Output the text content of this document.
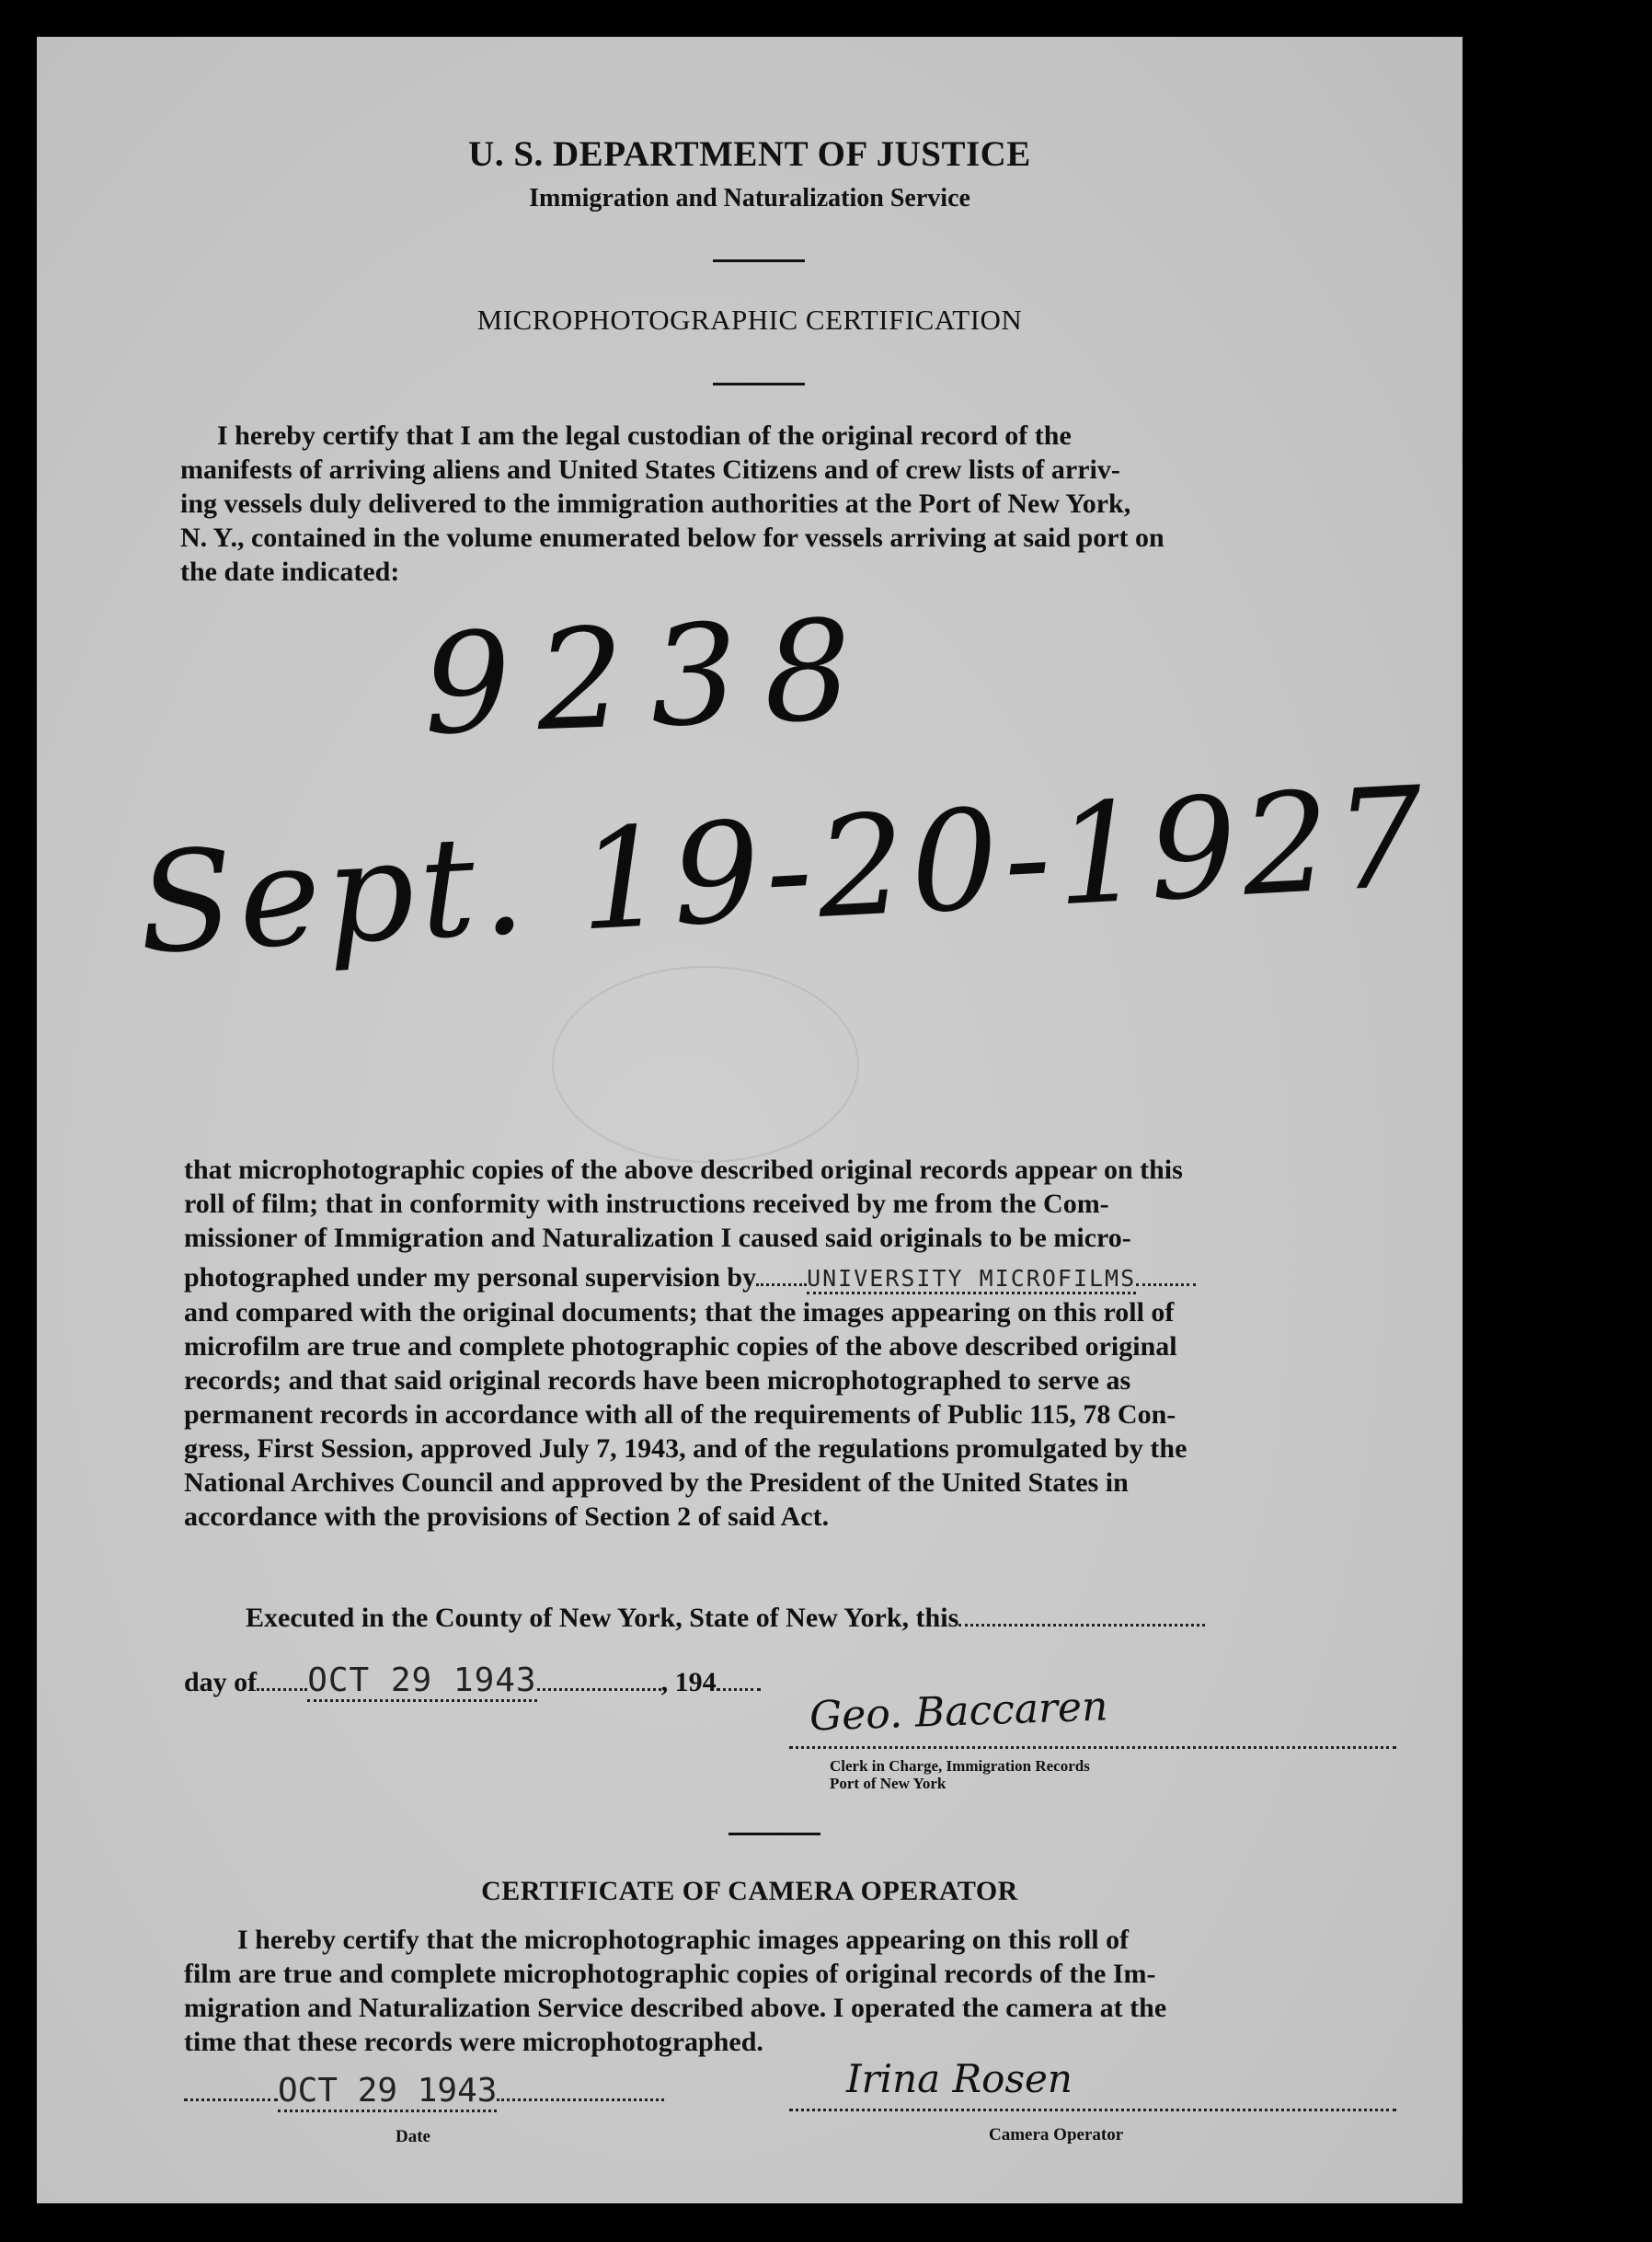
U. S. DEPARTMENT OF JUSTICE
Immigration and Naturalization Service
MICROPHOTOGRAPHIC CERTIFICATION
I hereby certify that I am the legal custodian of the original record of the
manifests of arriving aliens and United States Citizens and of crew lists of arriv-
ing vessels duly delivered to the immigration authorities at the Port of New York,
N. Y., contained in the volume enumerated below for vessels arriving at said port on
the date indicated:
9238
Sept. 19-20-1927
that microphotographic copies of the above described original records appear on this
roll of film; that in conformity with instructions received by me from the Com-
missioner of Immigration and Naturalization I caused said originals to be micro-
photographed under my personal supervision by UNIVERSITY MICROFILMS
and compared with the original documents; that the images appearing on this roll of
microfilm are true and complete photographic copies of the above described original
records; and that said original records have been microphotographed to serve as
permanent records in accordance with all of the requirements of Public 115, 78 Con-
gress, First Session, approved July 7, 1943, and of the regulations promulgated by the
National Archives Council and approved by the President of the United States in
accordance with the provisions of Section 2 of said Act.
Executed in the County of New York, State of New York, this
day of OCT 29 1943	, 194
Geo. Baccaren
Clerk in Charge, Immigration Records
Port of New York
CERTIFICATE OF CAMERA OPERATOR
I hereby certify that the microphotographic images appearing on this roll of
film are true and complete microphotographic copies of original records of the Im-
migration and Naturalization Service described above. I operated the camera at the
time that these records were microphotographed.
OCT 29 1943
Date
Irina Rosen
Camera Operator
